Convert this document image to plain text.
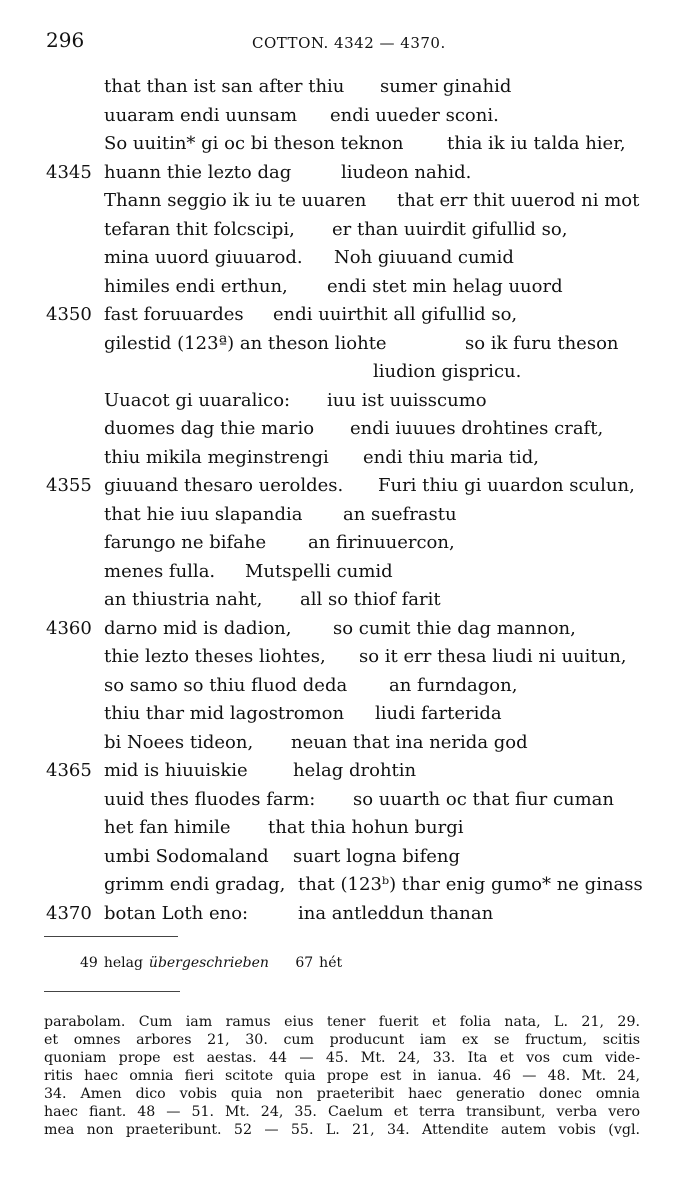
296	COTTON. 4342 — 4370.
that than ist san after thiu sumer ginahid
uuaram endi uunsam endi uueder sconi.
So uuitin* gi oc bi theson teknon thia ik iu talda hier,
4345 huann thie lezto dag	liudeon nahid.
Thann seggio ik iu te uuaren that err thit uuerod ni mot
tefaran thit folcscipi, er than uuirdit gifullid so,
mina uuord giuuarod. Noh giuuand cumid
himiles endi erthun, endi stet min helag uuord
4350 fast foruuardes endi uuirthit all gifullid so,
gilestid (123ª) an theson liohte	so ik furu theson
liudion gispricu.
Uuacot gi uuaralico: iuu ist uuisscumo
duomes dag thie mario endi iuuues drohtines craft,
thiu mikila meginstrengi endi thiu maria tid,
4355 giuuand thesaro ueroldes. Furi thiu gi uuardon sculun,
that hie iuu slapandia an suefrastu
farungo ne bifahe an firinuuercon,
menes fulla. Mutspelli cumid
an thiustria naht, all so thiof farit
4360 darno mid is dadion, so cumit thie dag mannon,
thie lezto theses liohtes, so it err thesa liudi ni uuitun,
so samo so thiu fluod deda an furndagon,
thiu thar mid lagostromon liudi farterida
bi Noees tideon, neuan that ina nerida god
4365 mid is hiuuiskie	helag drohtin
uuid thes fluodes farm: so uuarth oc that fiur cuman
het fan himile that thia hohun burgi
umbi Sodomaland suart logna bifeng
grimm endi gradag, that (123ᵇ) thar enig gumo* ne ginass
4370 botan Loth eno:	ina antleddun thanan
49 helag übergeschrieben 67 hét
parabolam. Cum iam ramus eius tener fuerit et folia nata, L. 21, 29.
et omnes arbores 21, 30. cum producunt iam ex se fructum, scitis
quoniam prope est aestas. 44 — 45. Mt. 24, 33. Ita et vos cum vide-
ritis haec omnia fieri scitote quia prope est in ianua. 46 — 48. Mt. 24,
34. Amen dico vobis quia non praeteribit haec generatio donec omnia
haec fiant. 48 — 51. Mt. 24, 35. Caelum et terra transibunt, verba vero
mea non praeteribunt. 52 — 55. L. 21, 34. Attendite autem vobis (vgl.
